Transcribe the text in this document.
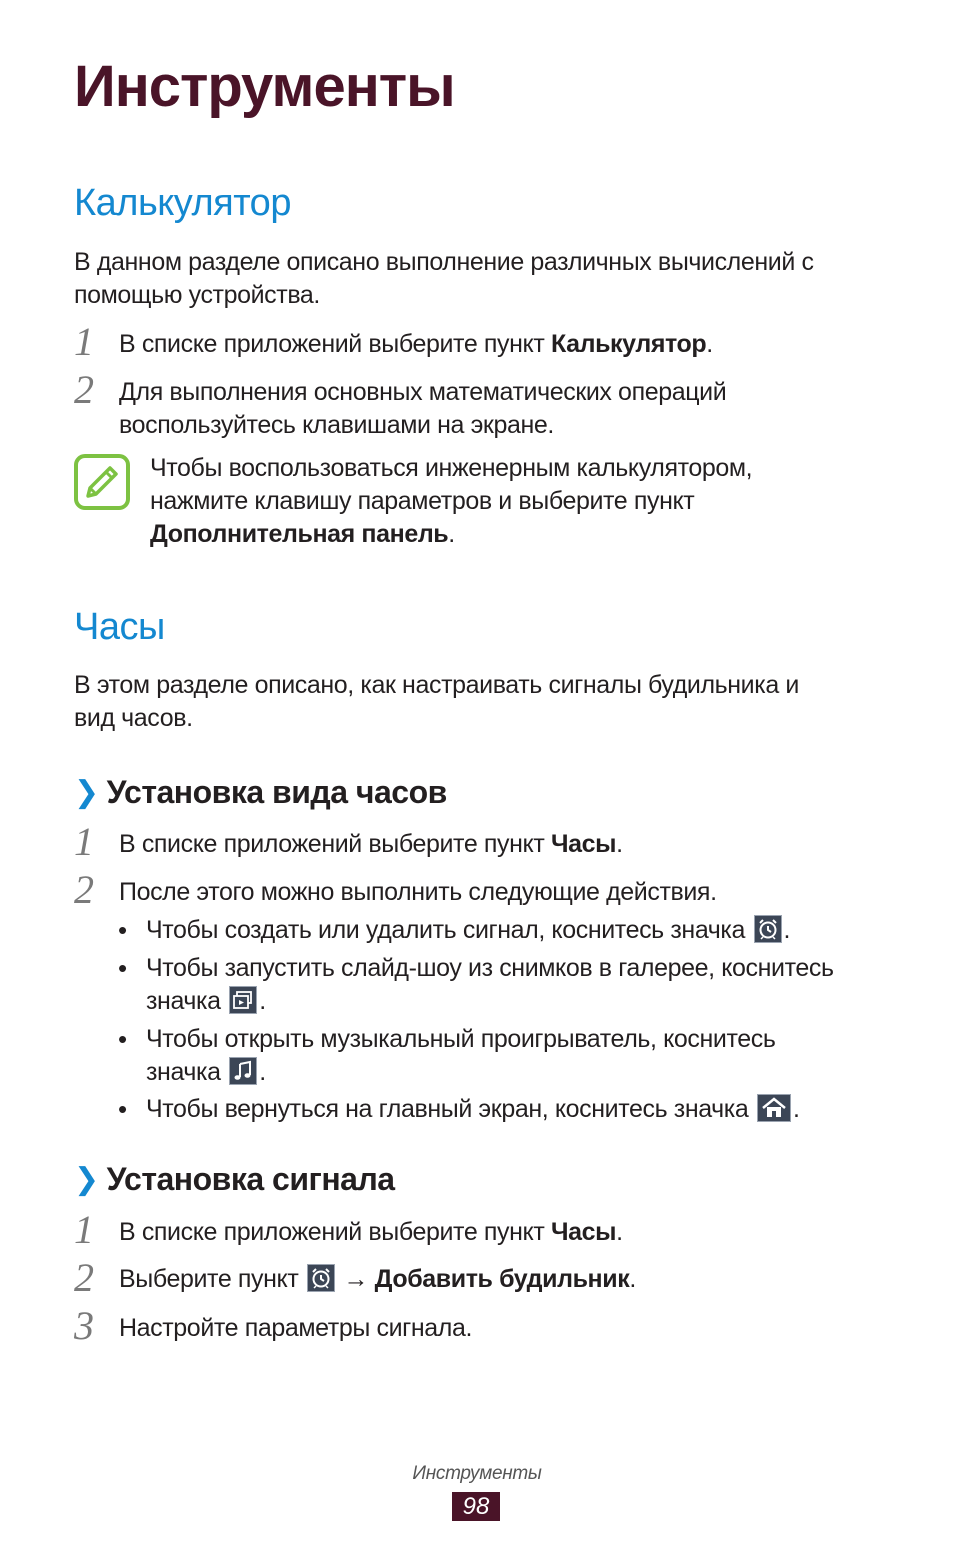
Инструменты
Калькулятор
В данном разделе описано выполнение различных вычислений с
помощью устройства.
1 В списке приложений выберите пункт Калькулятор.
2 Для выполнения основных математических операций
воспользуйтесь клавишами на экране.
Чтобы воспользоваться инженерным калькулятором,
нажмите клавишу параметров и выберите пункт
Дополнительная панель.
Часы
В этом разделе описано, как настраивать сигналы будильника и
вид часов.
❯ Установка вида часов
1 В списке приложений выберите пункт Часы.
2 После этого можно выполнить следующие действия.
• Чтобы создать или удалить сигнал, коснитесь значка .
• Чтобы запустить слайд-шоу из снимков в галерее, коснитесь
значка .
• Чтобы открыть музыкальный проигрыватель, коснитесь
значка .
• Чтобы вернуться на главный экран, коснитесь значка .
❯ Установка сигнала
1 В списке приложений выберите пункт Часы.
2 Выберите пункт → Добавить будильник.
3 Настройте параметры сигнала.
Инструменты
98
